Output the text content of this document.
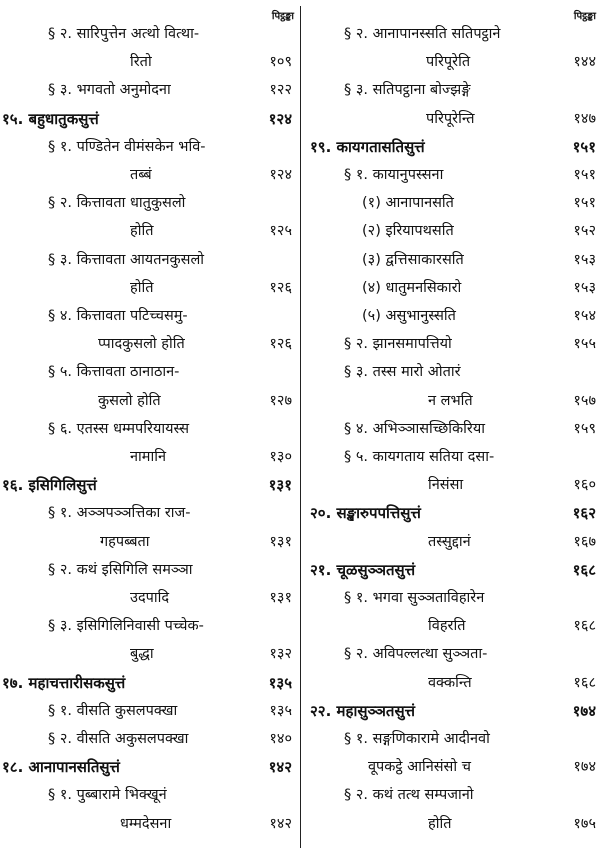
पिट्ठङ्का
§ २. सारिपुत्तेन अत्थो वित्था-
रितो	१०९
§ ३. भगवतो अनुमोदना	१२२
१५. बहुधातुकसुत्तं	१२४
§ १. पण्डितेन वीमंसकेन भवि-
तब्बं	१२४
§ २. कित्तावता धातुकुसलो
होति	१२५
§ ३. कित्तावता आयतनकुसलो
होति	१२६
§ ४. कित्तावता पटिच्चसमु-
प्पादकुसलो होति	१२६
§ ५. कित्तावता ठानाठान-
कुसलो होति	१२७
§ ६. एतस्स धम्मपरियायस्स
नामानि	१३०
१६. इसिगिलिसुत्तं	१३१
§ १. अञ्ञपञ्ञत्तिका राज-
गहपब्बता	१३१
§ २. कथं इसिगिलि समञ्ञा
उदपादि	१३१
§ ३. इसिगिलिनिवासी पच्चेक-
बुद्धा	१३२
१७. महाचत्तारीसकसुत्तं	१३५
§ १. वीसति कुसलपक्खा	१३५
§ २. वीसति अकुसलपक्खा	१४०
१८. आनापानसतिसुत्तं	१४२
§ १. पुब्बारामे भिक्खूनं
धम्मदेसना	१४२
पिट्ठङ्का
§ २. आनापानस्सति सतिपट्ठाने
परिपूरेति	१४४
§ ३. सतिपट्ठाना बोज्झङ्गे
परिपूरेन्ति	१४७
१९. कायगतासतिसुत्तं	१५१
§ १. कायानुपस्सना	१५१
(१) आनापानसति	१५१
(२) इरियापथसति	१५२
(३) द्वत्तिसाकारसति	१५३
(४) धातुमनसिकारो	१५३
(५) असुभानुस्सति	१५४
§ २. झानसमापत्तियो	१५५
§ ३. तस्स मारो ओतारं
न लभति	१५७
§ ४. अभिञ्ञासच्छिकिरिया	१५९
§ ५. कायगताय सतिया दसा-
निसंसा	१६०
२०. सङ्खारुपपत्तिसुत्तं	१६२
तस्सुद्दानं	१६७
२१. चूळसुञ्ञतसुत्तं	१६८
§ १. भगवा सुञ्ञताविहारेन
विहरति	१६८
§ २. अविपल्लत्था सुञ्ञता-
वक्कन्ति	१६८
२२. महासुञ्ञतसुत्तं	१७४
§ १. सङ्गणिकारामे आदीनवो
वूपकट्ठे आनिसंसो च	१७४
§ २. कथं तत्थ सम्पजानो
होति	१७५
